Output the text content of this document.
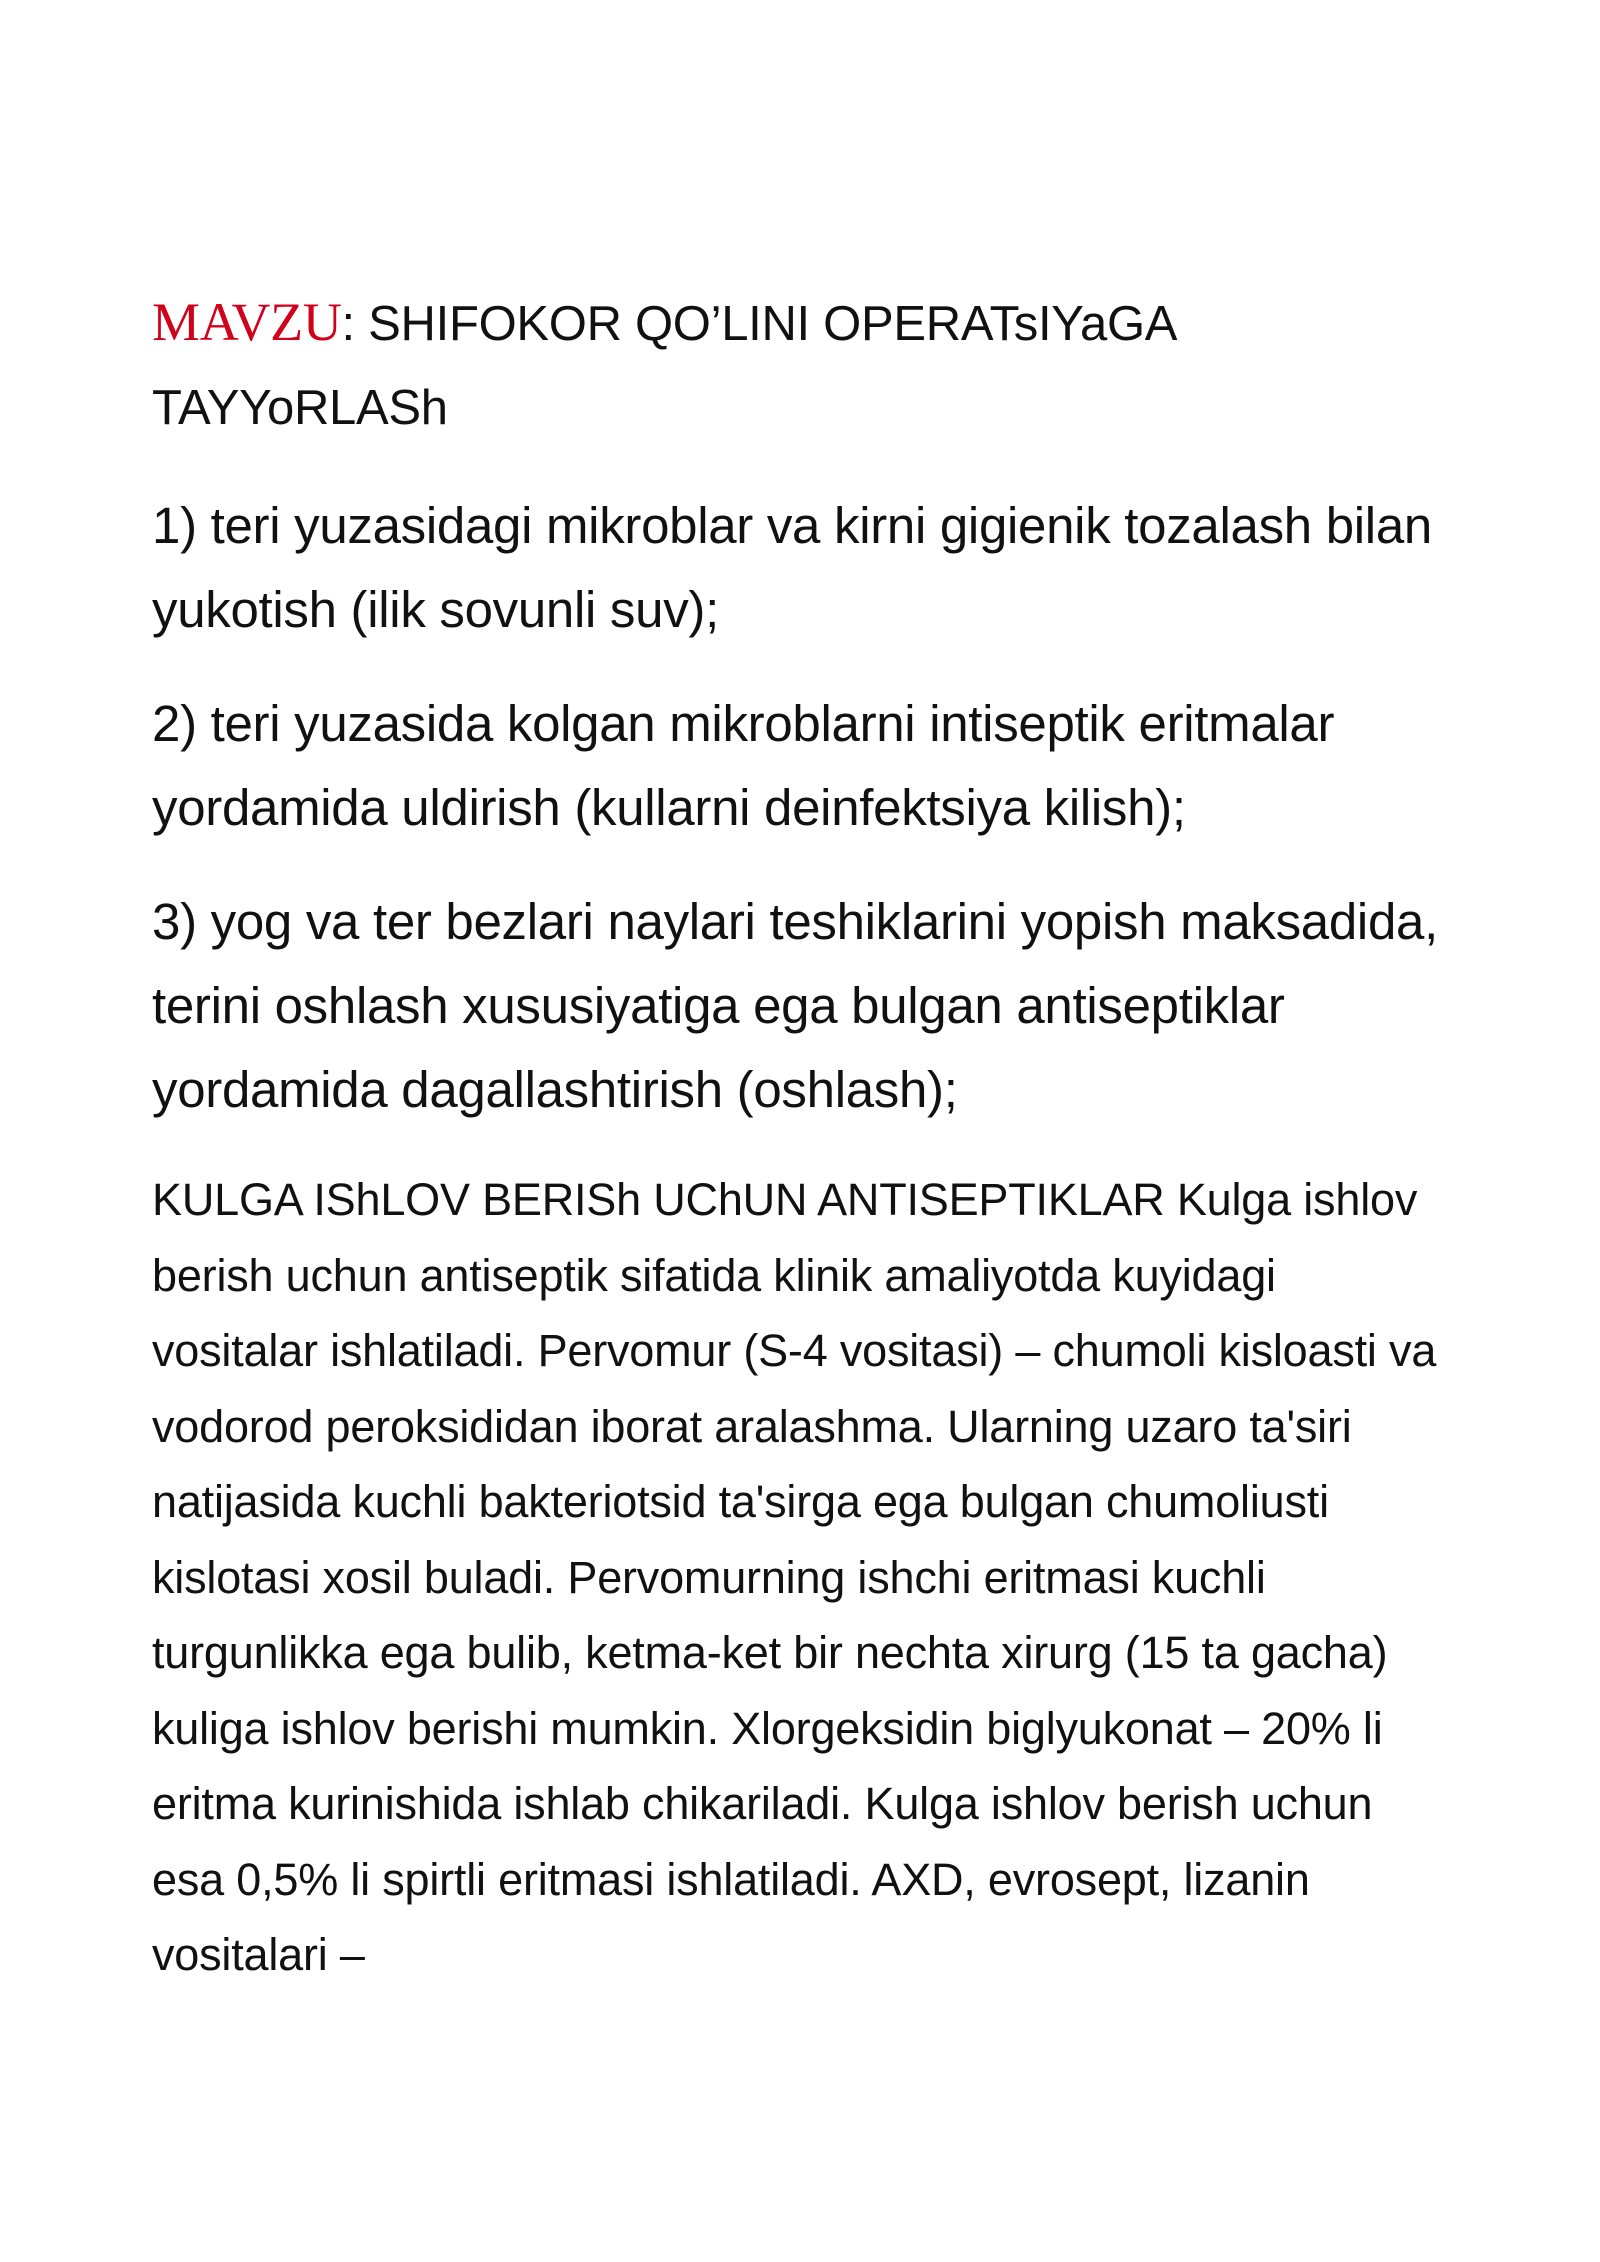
MAVZU: SHIFOKOR QO’LINI OPERATsIYaGA TAYYoRLASh

1) teri yuzasidagi mikroblar va kirni gigienik tozalash bilan yukotish (ilik sovunli suv);

2) teri yuzasida kolgan mikroblarni intiseptik eritmalar yordamida uldirish (kullarni deinfektsiya kilish);

3) yog va ter bezlari naylari teshiklarini yopish maksadida, terini oshlash xususiyatiga ega bulgan antiseptiklar yordamida dagallashtirish (oshlash);

KULGA IShLOV BERISh UChUN ANTISEPTIKLAR Kulga ishlov berish uchun antiseptik sifatida klinik amaliyotda kuyidagi vositalar ishlatiladi. Pervomur (S-4 vositasi) – chumoli kisloasti va vodorod peroksididan iborat aralashma. Ularning uzaro ta'siri natijasida kuchli bakteriotsid ta'sirga ega bulgan chumoliusti kislotasi xosil buladi. Pervomurning ishchi eritmasi kuchli turgunlikka ega bulib, ketma-ket bir nechta xirurg (15 ta gacha) kuliga ishlov berishi mumkin. Xlorgeksidin biglyukonat – 20% li eritma kurinishida ishlab chikariladi. Kulga ishlov berish uchun esa 0,5% li spirtli eritmasi ishlatiladi. AXD, evrosept, lizanin vositalari –
